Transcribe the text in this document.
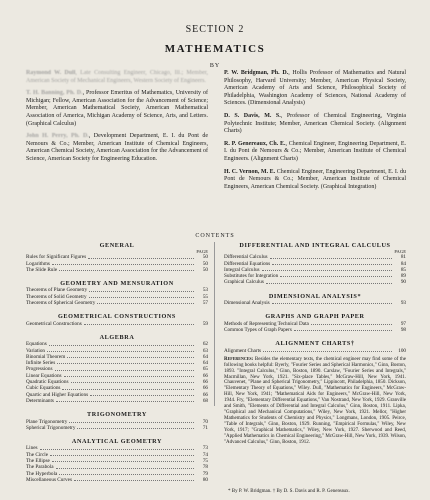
SECTION 2
MATHEMATICS
BY

Raymond W. Dull, Late Consulting Engineer, Chicago, Ill.; Member, American Society of Mechanical Engineers, Western Society of Engineers.

T. H. Banning, Ph. D., Professor Emeritus of Mathematics, University of Michigan; Fellow, American Association for the Advancement of Science; Member, American Mathematical Society, American Mathematical Association of America, Michigan Academy of Science, Arts, and Letters. (Graphical Calculus)

John H. Perry, Ph. D., Development Department, E. I. du Pont de Nemours & Co.; Member, American Institute of Chemical Engineers, American Chemical Society, American Association for the Advancement of Science, American Society for Engineering Education.

P. W. Bridgman, Ph. D., Hollis Professor of Mathematics and Natural Philosophy, Harvard University; Member, American Physical Society, American Academy of Arts and Science, Philosophical Society of Philadelphia, Washington Academy of Sciences, National Academy of Sciences. (Dimensional Analysis)

D. S. Davis, M. S., Professor of Chemical Engineering, Virginia Polytechnic Institute; Member, American Chemical Society. (Alignment Charts)

R. P. Genereaux, Ch. E., Chemical Engineer, Engineering Department, E. I. du Pont de Nemours & Co.; Member, American Institute of Chemical Engineers. (Alignment Charts)

H. C. Vernon, M. E. Chemical Engineer, Engineering Department, E. I. du Pont de Nemours & Co.; Member, American Institute of Chemical Engineers, American Chemical Society. (Graphical Integration)

CONTENTS
GENERAL
PAGE
Rules for Significant Figures	50
Logarithms	50
The Slide Rule	50
GEOMETRY AND MENSURATION
Theorems of Plane Geometry	53
Theorems of Solid Geometry	55
Theorems of Spherical Geometry	57
GEOMETRICAL CONSTRUCTIONS
Geometrical Constructions	59
ALGEBRA
Equations	62
Variation	63
Binomial Theorem	64
Infinite Series	64
Progressions	65
Linear Equations	66
Quadratic Equations	66
Cubic Equations	66
Quartic and Higher Equations	66
Determinants	68
TRIGONOMETRY
Plane Trigonometry	70
Spherical Trigonometry	71
ANALYTICAL GEOMETRY
Lines	73
The Circle	74
The Ellipse	75
The Parabola	78
The Hyperbola	79
Miscellaneous Curves	80
DIFFERENTIAL AND INTEGRAL CALCULUS
PAGE
Differential Calculus	81
Differential Equations	84
Integral Calculus	85
Substitutes for Integration	89
Graphical Calculus	90
DIMENSIONAL ANALYSIS*
Dimensional Analysis	93
GRAPHS AND GRAPH PAPER
Methods of Representing Technical Data	97
Common Types of Graph Papers	98
ALIGNMENT CHARTS†
Alignment Charts	100
References: Besides the elementary texts, the chemical engineer may find some of the following books helpful: Byerly, "Fourier Series and Spherical Harmonics," Ginn, Boston, 1893. "Integral Calculus," Ginn, Boston, 1890. Carslaw, "Fourier Series and Integrals," Macmillan, New York, 1921. "Six-place Tables," McGraw-Hill, New York, 1941. Chauvenet, "Plane and Spherical Trigonometry," Lippincott, Philadelphia, 1850. Dickson, "Elementary Theory of Equations," Wiley. Dull, "Mathematics for Engineers," McGraw-Hill, New York, 1941; "Mathematical Aids for Engineers," McGraw-Hill, New York, 1944. Fry, "Elementary Differential Equations," Van Nostrand, New York, 1929. Granville and Smith, "Elements of Differential and Integral Calculus," Ginn, Boston, 1911. Lipka, "Graphical and Mechanical Computations," Wiley, New York, 1921. Mellor, "Higher Mathematics for Students of Chemistry and Physics," Longmans, London, 1905. Peirce, "Table of Integrals," Ginn, Boston, 1929. Running, "Empirical Formulas," Wiley, New York, 1917; "Graphical Mathematics," Wiley, New York, 1927. Sherwood and Reed, "Applied Mathematics in Chemical Engineering," McGraw-Hill, New York, 1939. Wilson, "Advanced Calculus," Ginn, Boston, 1912.
* By P. W. Bridgman. † By D. S. Davis and R. P. Genereaux.
